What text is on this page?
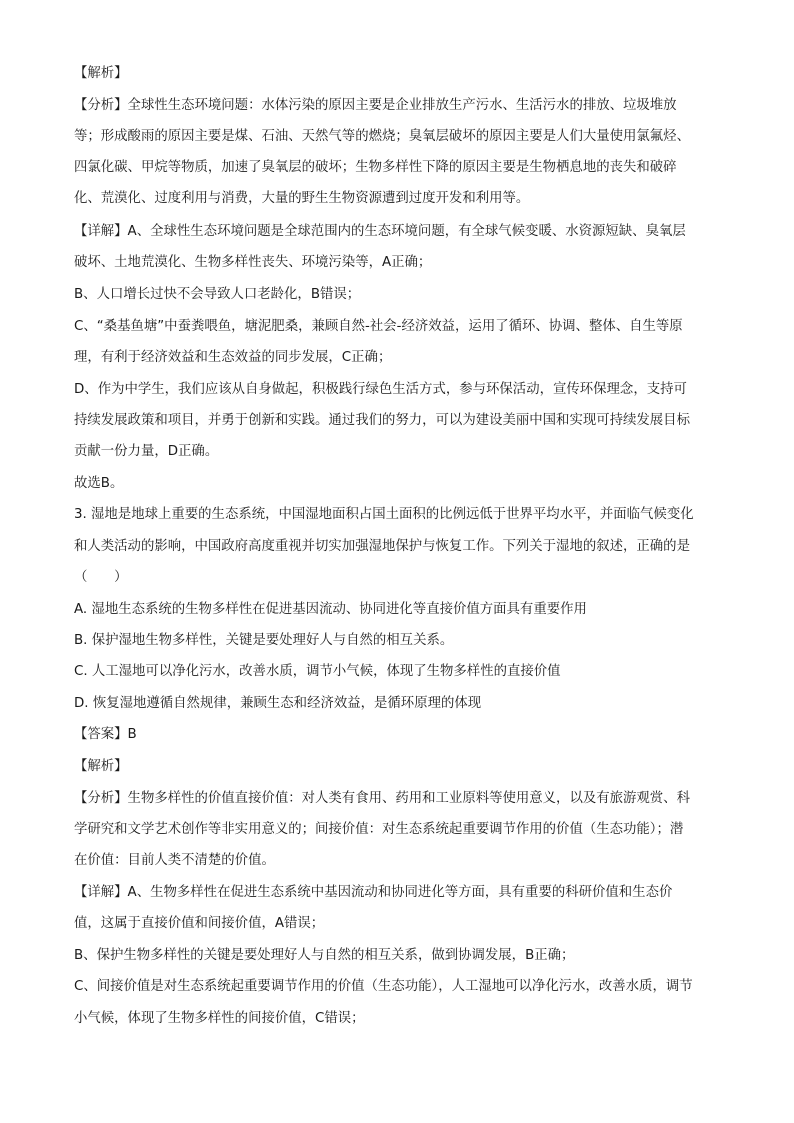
【解析】
【分析】全球性生态环境问题：水体污染的原因主要是企业排放生产污水、生活污水的排放、垃圾堆放
等；形成酸雨的原因主要是煤、石油、天然气等的燃烧；臭氧层破坏的原因主要是人们大量使用氯氟烃、
四氯化碳、甲烷等物质，加速了臭氧层的破坏；生物多样性下降的原因主要是生物栖息地的丧失和破碎
化、荒漠化、过度利用与消费，大量的野生生物资源遭到过度开发和利用等。
【详解】A、全球性生态环境问题是全球范围内的生态环境问题，有全球气候变暖、水资源短缺、臭氧层
破坏、土地荒漠化、生物多样性丧失、环境污染等，A正确；
B、人口增长过快不会导致人口老龄化，B错误；
C、“桑基鱼塘”中蚕粪喂鱼，塘泥肥桑，兼顾自然-社会-经济效益，运用了循环、协调、整体、自生等原
理，有利于经济效益和生态效益的同步发展，C正确；
D、作为中学生，我们应该从自身做起，积极践行绿色生活方式，参与环保活动，宣传环保理念，支持可
持续发展政策和项目，并勇于创新和实践。通过我们的努力，可以为建设美丽中国和实现可持续发展目标
贡献一份力量，D正确。
故选B。
3. 湿地是地球上重要的生态系统，中国湿地面积占国土面积的比例远低于世界平均水平，并面临气候变化
和人类活动的影响，中国政府高度重视并切实加强湿地保护与恢复工作。下列关于湿地的叙述，正确的是
（　　）
A. 湿地生态系统的生物多样性在促进基因流动、协同进化等直接价值方面具有重要作用
B. 保护湿地生物多样性，关键是要处理好人与自然的相互关系。
C. 人工湿地可以净化污水，改善水质，调节小气候，体现了生物多样性的直接价值
D. 恢复湿地遵循自然规律，兼顾生态和经济效益，是循环原理的体现
【答案】B
【解析】
【分析】生物多样性的价值直接价值：对人类有食用、药用和工业原料等使用意义，以及有旅游观赏、科
学研究和文学艺术创作等非实用意义的；间接价值：对生态系统起重要调节作用的价值（生态功能）；潜
在价值：目前人类不清楚的价值。
【详解】A、生物多样性在促进生态系统中基因流动和协同进化等方面，具有重要的科研价值和生态价
值，这属于直接价值和间接价值，A错误；
B、保护生物多样性的关键是要处理好人与自然的相互关系，做到协调发展，B正确；
C、间接价值是对生态系统起重要调节作用的价值（生态功能），人工湿地可以净化污水，改善水质，调节
小气候，体现了生物多样性的间接价值，C错误；
